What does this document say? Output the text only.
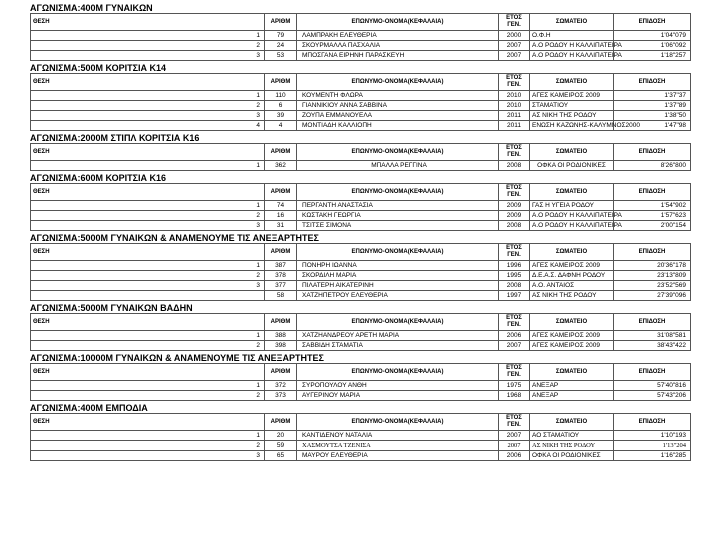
ΑΓΩΝΙΣΜΑ:400Μ ΓΥΝΑΙΚΩΝ
ΘΕΣΗ	ΑΡΙΘΜ	ΕΠΩΝΥΜΟ-ΟΝΟΜΑ(ΚΕΦΑΛΑΙΑ)	ΕΤΟΣ ΓΕΝ.	ΣΩΜΑΤΕΙΟ	ΕΠΙΔΟΣΗ
1	79	ΛΑΜΠΡΑΚΗ ΕΛΕΥΘΕΡΙΑ	2000	Ο.Φ.Η	1'04"079
2	24	ΣΚΟΥΡΜΑΛΛΑ ΠΑΣΧΑΛΙΑ	2007	Α.Ο ΡΟΔΟΥ Η ΚΑΛΛΙΠΑΤΕΙΡΑ	1'06"092
3	53	ΜΠΟΣΓΑΝΑ ΕΙΡΗΝΗ ΠΑΡΑΣΚΕΥΗ	2007	Α.Ο ΡΟΔΟΥ Η ΚΑΛΛΙΠΑΤΕΙΡΑ	1'18"257
ΑΓΩΝΙΣΜΑ:500Μ ΚΟΡΙΤΣΙΑ Κ14
ΘΕΣΗ	ΑΡΙΘΜ	ΕΠΩΝΥΜΟ-ΟΝΟΜΑ(ΚΕΦΑΛΑΙΑ)	ΕΤΟΣ ΓΕΝ.	ΣΩΜΑΤΕΙΟ	ΕΠΙΔΟΣΗ
1	110	ΚΟΥΜΕΝΤΗ ΦΛΩΡΑ	2010	ΑΓΕΣ ΚΑΜΕΙΡΟΣ 2009	1'37"37
2	6	ΓΙΑΝΝΙΚΙΟΥ ΑΝΝΑ ΣΑΒΒΙΝΑ	2010	ΣΤΑΜΑΤΙΟΥ	1'37"89
3	39	ΖΟΥΠΑ ΕΜΜΑΝΟΥΕΛΑ	2011	ΑΣ ΝΙΚΗ ΤΗΣ ΡΟΔΟΥ	1'38"50
4	4	ΜΟΝΤΙΑΔΗ ΚΑΛΛΙΟΠΗ	2011	ΕΝΩΣΗ ΚΑΖΩΝΗΣ-ΚΑΛΥΜΝΟΣ2000	1'47"98
ΑΓΩΝΙΣΜΑ:2000Μ ΣΤΙΠΛ ΚΟΡΙΤΣΙΑ Κ16
ΘΕΣΗ	ΑΡΙΘΜ	ΕΠΩΝΥΜΟ-ΟΝΟΜΑ(ΚΕΦΑΛΑΙΑ)	ΕΤΟΣ ΓΕΝ.	ΣΩΜΑΤΕΙΟ	ΕΠΙΔΟΣΗ
1	362	ΜΠΑΛΛΑ ΡΕΓΓΙΝΑ	2008	ΟΦΚΑ ΟΙ ΡΟΔΙΟΝΙΚΕΣ	8'26"800
ΑΓΩΝΙΣΜΑ:600Μ ΚΟΡΙΤΣΙΑ Κ16
ΘΕΣΗ	ΑΡΙΘΜ	ΕΠΩΝΥΜΟ-ΟΝΟΜΑ(ΚΕΦΑΛΑΙΑ)	ΕΤΟΣ ΓΕΝ.	ΣΩΜΑΤΕΙΟ	ΕΠΙΔΟΣΗ
1	74	ΠΕΡΓΑΝΤΗ ΑΝΑΣΤΑΣΙΑ	2009	ΓΑΣ Η ΥΓΕΙΑ ΡΟΔΟΥ	1'54"902
2	16	ΚΩΣΤΑΚΗ ΓΕΩΡΓΙΑ	2009	Α.Ο ΡΟΔΟΥ Η ΚΑΛΛΙΠΑΤΕΙΡΑ	1'57"623
3	31	ΤΣΙΤΣΕ ΣΙΜΟΝΑ	2008	Α.Ο ΡΟΔΟΥ Η ΚΑΛΛΙΠΑΤΕΙΡΑ	2'00"154
ΑΓΩΝΙΣΜΑ:5000Μ ΓΥΝΑΙΚΩΝ & ΑΝΑΜΕΝΟΥΜΕ ΤΙΣ ΑΝΕΞΑΡΤΗΤΕΣ
ΘΕΣΗ	ΑΡΙΘΜ	ΕΠΩΝΥΜΟ-ΟΝΟΜΑ(ΚΕΦΑΛΑΙΑ)	ΕΤΟΣ ΓΕΝ.	ΣΩΜΑΤΕΙΟ	ΕΠΙΔΟΣΗ
1	387	ΠΟΝΗΡΗ ΙΩΑΝΝΑ	1996	ΑΓΕΣ ΚΑΜΕΙΡΟΣ 2009	20'36"178
2	378	ΣΚΟΡΔΙΛΗ ΜΑΡΙΑ	1995	Δ.Ε.Α.Σ. ΔΑΦΝΗ ΡΟΔΟΥ	23'13"809
3	377	ΠΙΛΑΤΕΡΗ ΑΙΚΑΤΕΡΙΝΗ	2008	Α.Ο. ΑΝΤΑΙΟΣ	23'52"569
	58	ΧΑΤΖΗΠΕΤΡΟΥ ΕΛΕΥΘΕΡΙΑ	1997	ΑΣ ΝΙΚΗ ΤΗΣ ΡΟΔΟΥ	27'39"096
ΑΓΩΝΙΣΜΑ:5000Μ ΓΥΝΑΙΚΩΝ ΒΑΔΗΝ
ΘΕΣΗ	ΑΡΙΘΜ	ΕΠΩΝΥΜΟ-ΟΝΟΜΑ(ΚΕΦΑΛΑΙΑ)	ΕΤΟΣ ΓΕΝ.	ΣΩΜΑΤΕΙΟ	ΕΠΙΔΟΣΗ
1	388	ΧΑΤΖΗΑΝΔΡΕΟΥ ΑΡΕΤΗ ΜΑΡΙΑ	2006	ΑΓΕΣ ΚΑΜΕΙΡΟΣ 2009	31'08"581
2	398	ΣΑΒΒΙΔΗ ΣΤΑΜΑΤΙΑ	2007	ΑΓΕΣ ΚΑΜΕΙΡΟΣ 2009	38'43"422
ΑΓΩΝΙΣΜΑ:10000Μ ΓΥΝΑΙΚΩΝ & ΑΝΑΜΕΝΟΥΜΕ ΤΙΣ ΑΝΕΞΑΡΤΗΤΕΣ
ΘΕΣΗ	ΑΡΙΘΜ	ΕΠΩΝΥΜΟ-ΟΝΟΜΑ(ΚΕΦΑΛΑΙΑ)	ΕΤΟΣ ΓΕΝ.	ΣΩΜΑΤΕΙΟ	ΕΠΙΔΟΣΗ
1	372	ΣΥΡΟΠΟΥΛΟΥ ΑΝΘΗ	1975	ΑΝΕΞΑΡ	57'40"816
2	373	ΑΥΓΕΡΙΝΟΥ ΜΑΡΙΑ	1968	ΑΝΕΞΑΡ	57'43"206
ΑΓΩΝΙΣΜΑ:400Μ ΕΜΠΟΔΙΑ
ΘΕΣΗ	ΑΡΙΘΜ	ΕΠΩΝΥΜΟ-ΟΝΟΜΑ(ΚΕΦΑΛΑΙΑ)	ΕΤΟΣ ΓΕΝ.	ΣΩΜΑΤΕΙΟ	ΕΠΙΔΟΣΗ
1	20	ΚΑΝΤΙΔΕΝΟΥ ΝΑΤΑΛΙΑ	2007	ΑΟ ΣΤΑΜΑΤΙΟΥ	1'10"193
2	59	ΧΑΣΜΟΥΤΣΑ ΤΖΕΝΙΣΑ	2007	ΑΣ ΝΙΚΗ ΤΗΣ ΡΟΔΟΥ	1'13"204
3	65	ΜΑΥΡΟΥ ΕΛΕΥΘΕΡΙΑ	2006	ΟΦΚΑ ΟΙ ΡΟΔΙΟΝΙΚΕΣ	1'16"285
